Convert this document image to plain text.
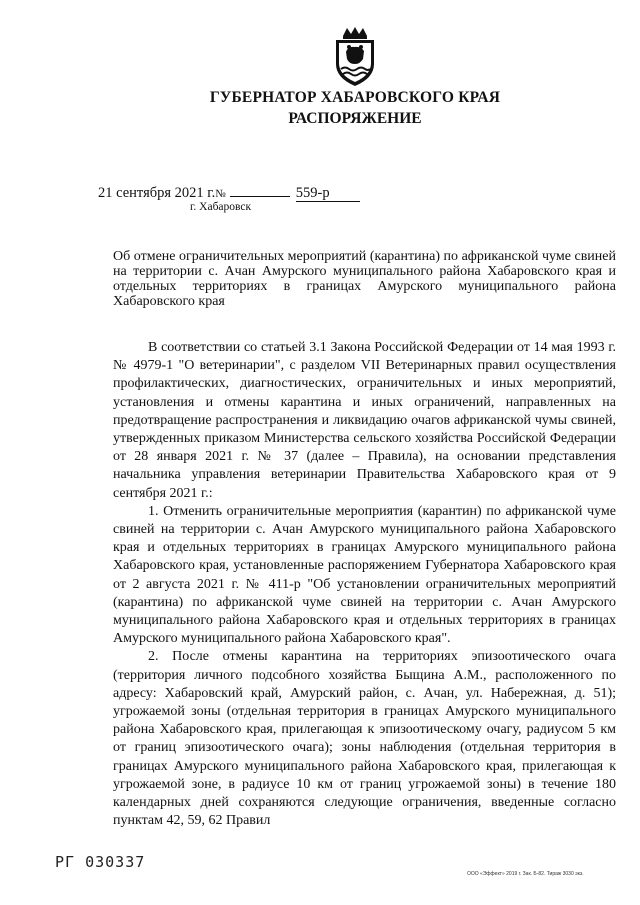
ГУБЕРНАТОР ХАБАРОВСКОГО КРАЯ
РАСПОРЯЖЕНИЕ
21 сентября 2021 г.№	559-р
г. Хабаровск
Об отмене ограничительных мероприятий (карантина) по африканской чуме свиней на территории с. Ачан Амурского муниципального района Хабаровского края и отдельных территориях в границах Амурского муниципального района Хабаровского края

В соответствии со статьей 3.1 Закона Российской Федерации от 14 мая 1993 г. № 4979-1 "О ветеринарии", с разделом VII Ветеринарных правил осуществления профилактических, диагностических, ограничительных и иных мероприятий, установления и отмены карантина и иных ограничений, направленных на предотвращение распространения и ликвидацию очагов африканской чумы свиней, утвержденных приказом Министерства сельского хозяйства Российской Федерации от 28 января 2021 г. № 37 (далее – Правила), на основании представления начальника управления ветеринарии Правительства Хабаровского края от 9 сентября 2021 г.:

1. Отменить ограничительные мероприятия (карантин) по африканской чуме свиней на территории с. Ачан Амурского муниципального района Хабаровского края и отдельных территориях в границах Амурского муниципального района Хабаровского края, установленные распоряжением Губернатора Хабаровского края от 2 августа 2021 г. № 411-р "Об установлении ограничительных мероприятий (карантина) по африканской чуме свиней на территории с. Ачан Амурского муниципального района Хабаровского края и отдельных территориях в границах Амурского муниципального района Хабаровского края".

2. После отмены карантина на территориях эпизоотического очага (территория личного подсобного хозяйства Быщина А.М., расположенного по адресу: Хабаровский край, Амурский район, с. Ачан, ул. Набережная, д. 51); угрожаемой зоны (отдельная территория в границах Амурского муниципального района Хабаровского края, прилегающая к эпизоотическому очагу, радиусом 5 км от границ эпизоотического очага); зоны наблюдения (отдельная территория в границах Амурского муниципального района Хабаровского края, прилегающая к угрожаемой зоне, в радиусе 10 км от границ угрожаемой зоны) в течение 180 календарных дней сохраняются следующие ограничения, введенные согласно пунктам 42, 59, 62 Правил

РГ 030337
ООО «Эффект» 2019 г. Зак. Б-82. Тираж 3030 экз.
